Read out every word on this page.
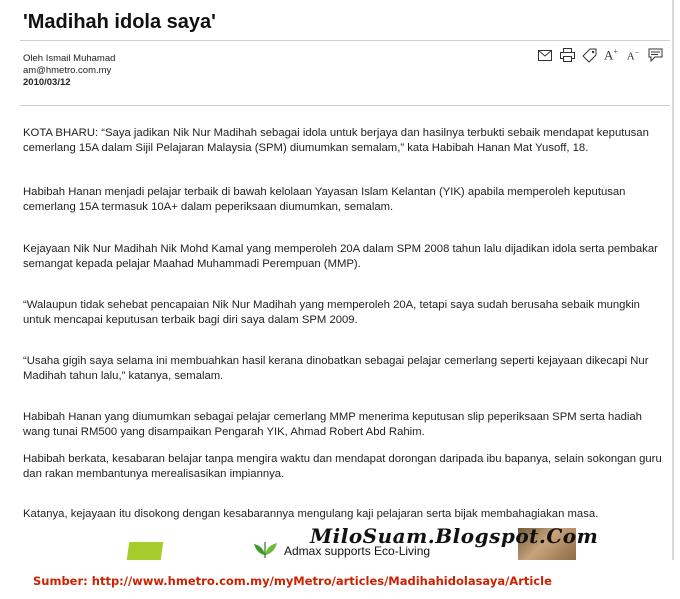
'Madihah idola saya'
Oleh Ismail Muhamad
am@hmetro.com.my
2010/03/12
A+ A−

KOTA BHARU: “Saya jadikan Nik Nur Madihah sebagai idola untuk berjaya dan hasilnya terbukti sebaik mendapat keputusan cemerlang 15A dalam Sijil Pelajaran Malaysia (SPM) diumumkan semalam,” kata Habibah Hanan Mat Yusoff, 18.

Habibah Hanan menjadi pelajar terbaik di bawah kelolaan Yayasan Islam Kelantan (YIK) apabila memperoleh keputusan cemerlang 15A termasuk 10A+ dalam peperiksaan diumumkan, semalam.

Kejayaan Nik Nur Madihah Nik Mohd Kamal yang memperoleh 20A dalam SPM 2008 tahun lalu dijadikan idola serta pembakar semangat kepada pelajar Maahad Muhammadi Perempuan (MMP).

“Walaupun tidak sehebat pencapaian Nik Nur Madihah yang memperoleh 20A, tetapi saya sudah berusaha sebaik mungkin untuk mencapai keputusan terbaik bagi diri saya dalam SPM 2009.

“Usaha gigih saya selama ini membuahkan hasil kerana dinobatkan sebagai pelajar cemerlang seperti kejayaan dikecapi Nur Madihah tahun lalu,” katanya, semalam.

Habibah Hanan yang diumumkan sebagai pelajar cemerlang MMP menerima keputusan slip peperiksaan SPM serta hadiah wang tunai RM500 yang disampaikan Pengarah YIK, Ahmad Robert Abd Rahim.

Habibah berkata, kesabaran belajar tanpa mengira waktu dan mendapat dorongan daripada ibu bapanya, selain sokongan guru dan rakan membantunya merealisasikan impiannya.

Katanya, kejayaan itu disokong dengan kesabarannya mengulang kaji pelajaran serta bijak membahagiakan masa.

Admax supports Eco-Living
MiloSuam.Blogspot.Com
Sumber: http://www.hmetro.com.my/myMetro/articles/Madihahidolasaya/Article
